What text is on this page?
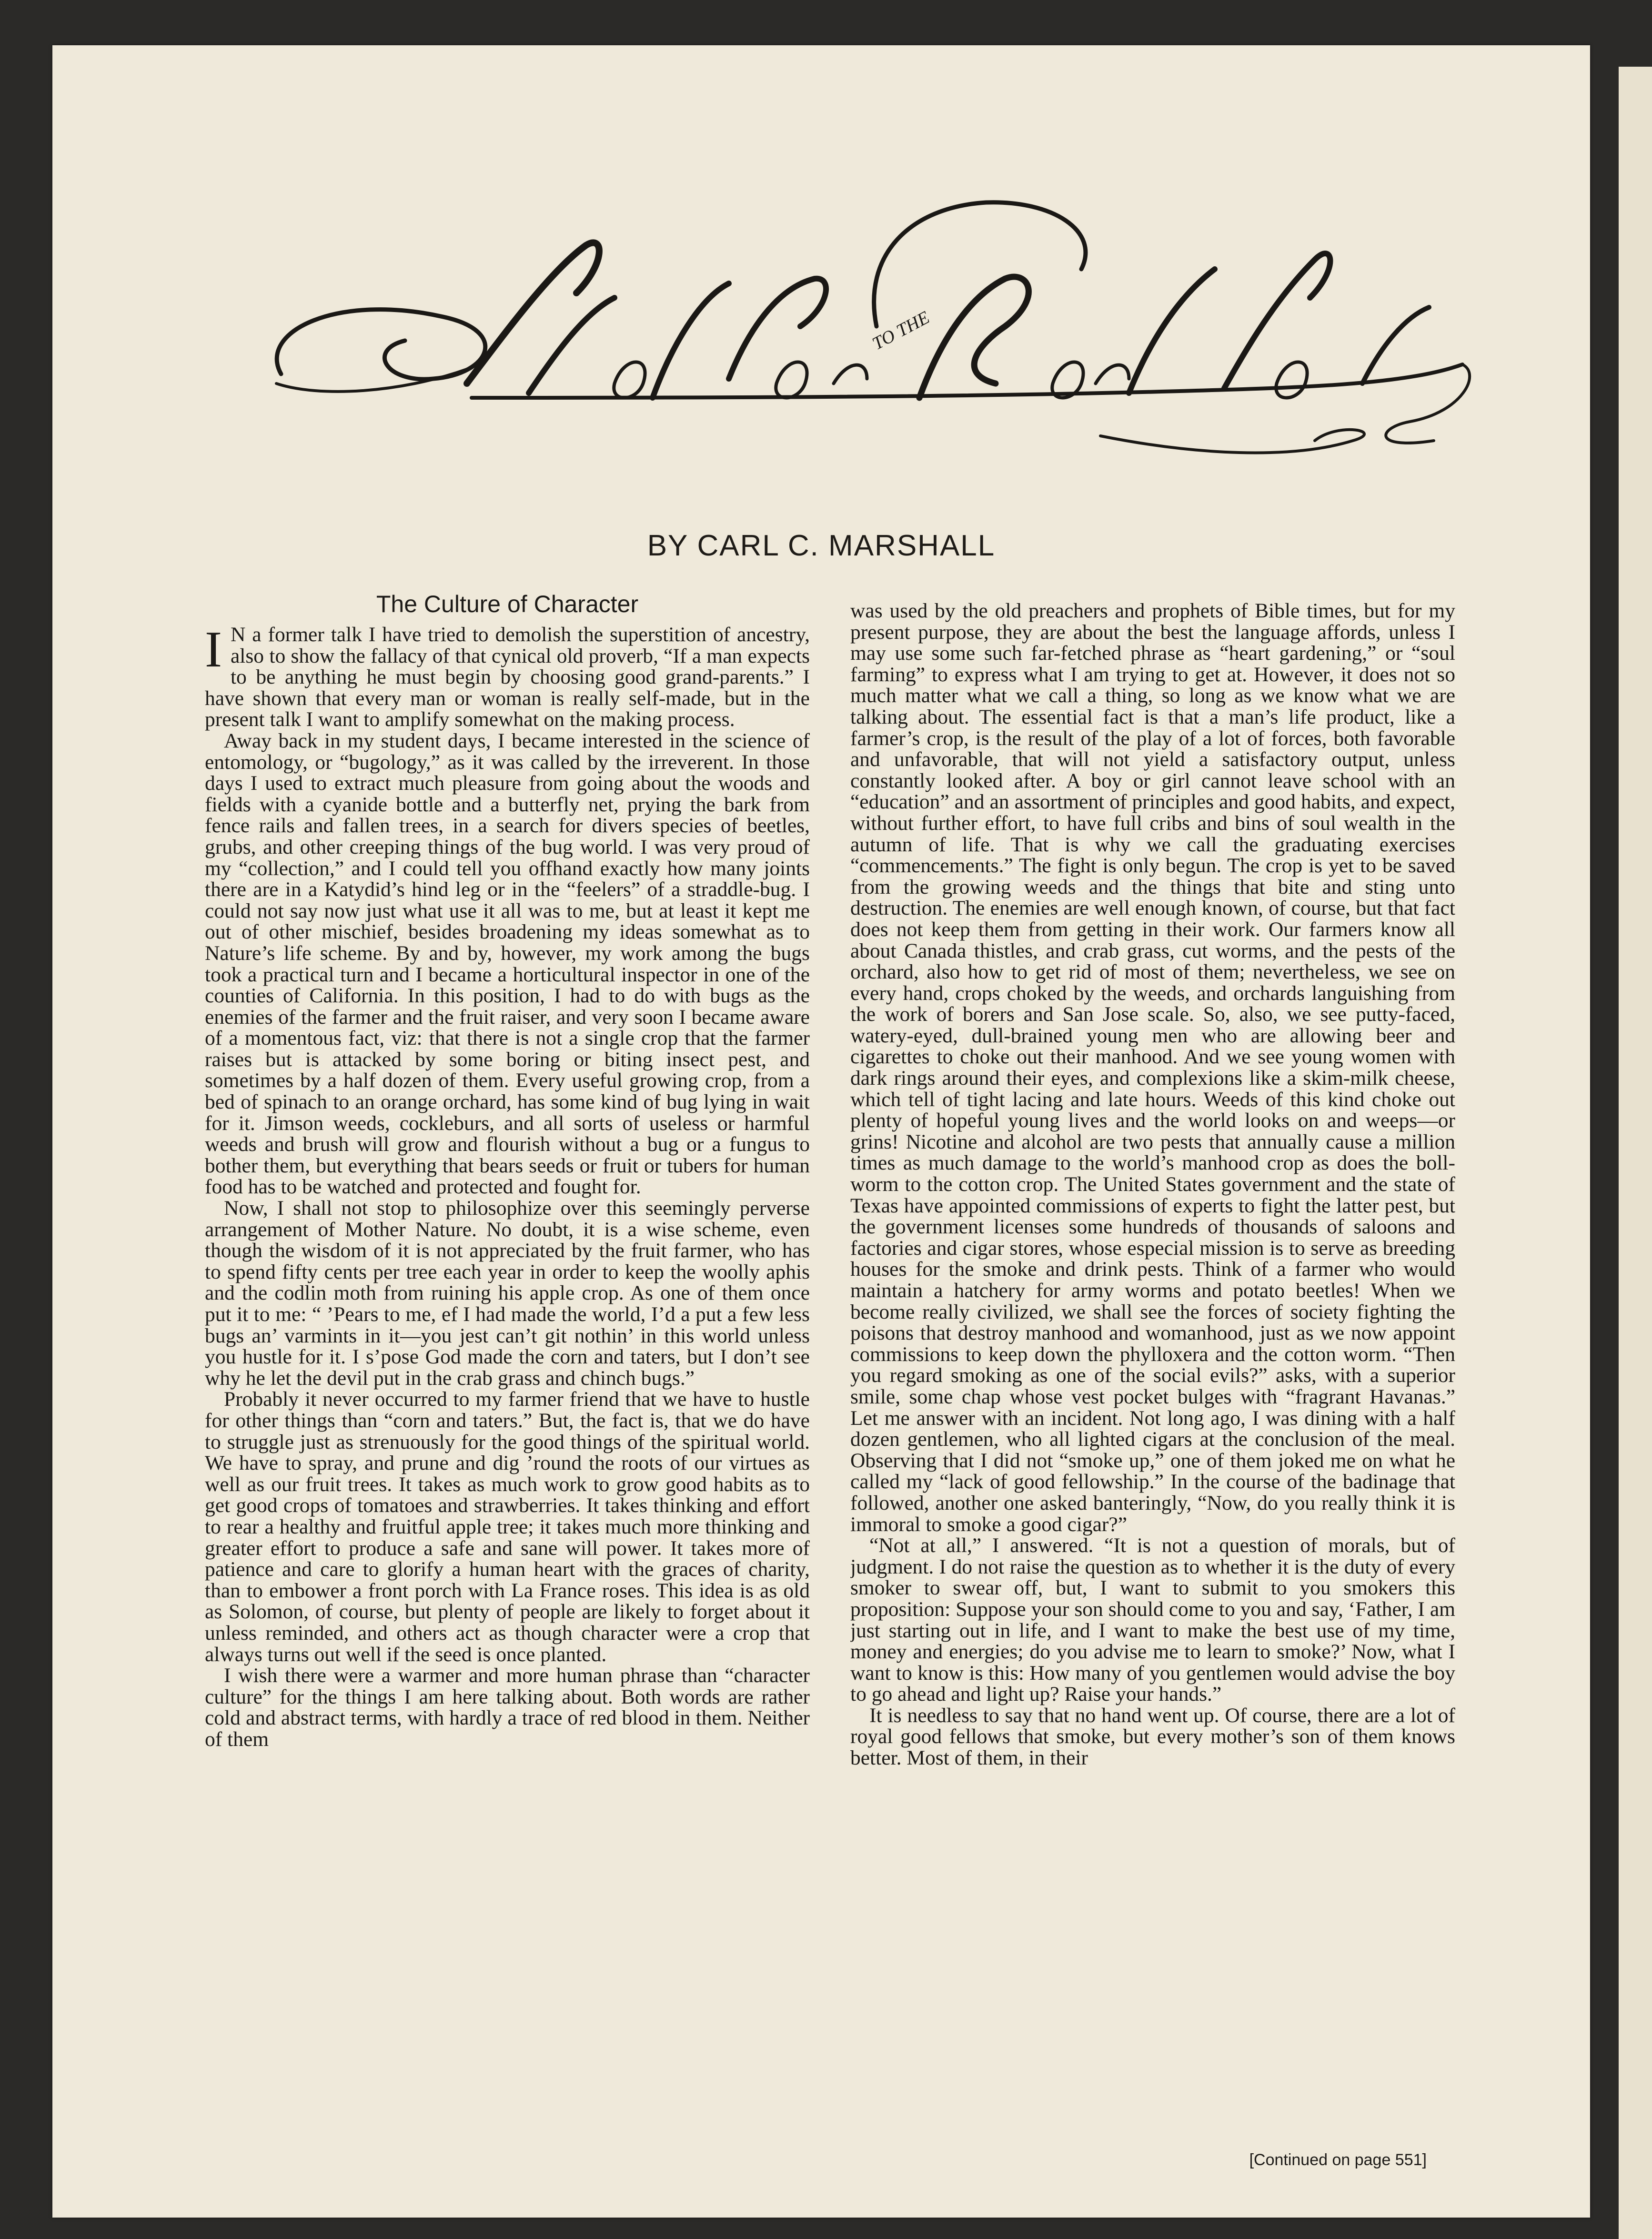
TO THE
BY CARL C. MARSHALL
The Culture of Character

I N a former talk I have tried to demolish the superstition of ancestry, also to show the fallacy of that cynical old proverb, “If a man expects to be anything he must begin by choosing good grand-parents.” I have shown that every man or woman is really self-made, but in the present talk I want to amplify somewhat on the making process.

Away back in my student days, I became interested in the science of entomology, or “bugology,” as it was called by the irreverent. In those days I used to extract much pleasure from going about the woods and fields with a cyanide bottle and a butterfly net, prying the bark from fence rails and fallen trees, in a search for divers species of beetles, grubs, and other creeping things of the bug world. I was very proud of my “collection,” and I could tell you offhand exactly how many joints there are in a Katydid’s hind leg or in the “feelers” of a straddle-bug. I could not say now just what use it all was to me, but at least it kept me out of other mischief, besides broadening my ideas somewhat as to Nature’s life scheme. By and by, however, my work among the bugs took a practical turn and I became a horticultural inspector in one of the counties of California. In this position, I had to do with bugs as the enemies of the farmer and the fruit raiser, and very soon I became aware of a momentous fact, viz: that there is not a single crop that the farmer raises but is attacked by some boring or biting insect pest, and sometimes by a half dozen of them. Every useful growing crop, from a bed of spinach to an orange orchard, has some kind of bug lying in wait for it. Jimson weeds, cockleburs, and all sorts of useless or harmful weeds and brush will grow and flourish without a bug or a fungus to bother them, but everything that bears seeds or fruit or tubers for human food has to be watched and protected and fought for.

Now, I shall not stop to philosophize over this seemingly perverse arrangement of Mother Nature. No doubt, it is a wise scheme, even though the wisdom of it is not appreciated by the fruit farmer, who has to spend fifty cents per tree each year in order to keep the woolly aphis and the codlin moth from ruining his apple crop. As one of them once put it to me: “ ’Pears to me, ef I had made the world, I’d a put a few less bugs an’ varmints in it—you jest can’t git nothin’ in this world unless you hustle for it. I s’pose God made the corn and taters, but I don’t see why he let the devil put in the crab grass and chinch bugs.”

Probably it never occurred to my farmer friend that we have to hustle for other things than “corn and taters.” But, the fact is, that we do have to struggle just as strenuously for the good things of the spiritual world. We have to spray, and prune and dig ’round the roots of our virtues as well as our fruit trees. It takes as much work to grow good habits as to get good crops of tomatoes and strawberries. It takes thinking and effort to rear a healthy and fruitful apple tree; it takes much more thinking and greater effort to produce a safe and sane will power. It takes more of patience and care to glorify a human heart with the graces of charity, than to embower a front porch with La France roses. This idea is as old as Solomon, of course, but plenty of people are likely to forget about it unless reminded, and others act as though character were a crop that always turns out well if the seed is once planted.

I wish there were a warmer and more human phrase than “character culture” for the things I am here talking about. Both words are rather cold and abstract terms, with hardly a trace of red blood in them. Neither of them

was used by the old preachers and prophets of Bible times, but for my present purpose, they are about the best the language affords, unless I may use some such far-fetched phrase as “heart gardening,” or “soul farming” to express what I am trying to get at. However, it does not so much matter what we call a thing, so long as we know what we are talking about. The essential fact is that a man’s life product, like a farmer’s crop, is the result of the play of a lot of forces, both favorable and unfavorable, that will not yield a satisfactory output, unless constantly looked after. A boy or girl cannot leave school with an “education” and an assortment of principles and good habits, and expect, without further effort, to have full cribs and bins of soul wealth in the autumn of life. That is why we call the graduating exercises “commencements.” The fight is only begun. The crop is yet to be saved from the growing weeds and the things that bite and sting unto destruction. The enemies are well enough known, of course, but that fact does not keep them from getting in their work. Our farmers know all about Canada thistles, and crab grass, cut worms, and the pests of the orchard, also how to get rid of most of them; nevertheless, we see on every hand, crops choked by the weeds, and orchards languishing from the work of borers and San Jose scale. So, also, we see putty-faced, watery-eyed, dull-brained young men who are allowing beer and cigarettes to choke out their manhood. And we see young women with dark rings around their eyes, and complexions like a skim-milk cheese, which tell of tight lacing and late hours. Weeds of this kind choke out plenty of hopeful young lives and the world looks on and weeps—or grins! Nicotine and alcohol are two pests that annually cause a million times as much damage to the world’s manhood crop as does the boll-worm to the cotton crop. The United States government and the state of Texas have appointed commissions of experts to fight the latter pest, but the government licenses some hundreds of thousands of saloons and factories and cigar stores, whose especial mission is to serve as breeding houses for the smoke and drink pests. Think of a farmer who would maintain a hatchery for army worms and potato beetles! When we become really civilized, we shall see the forces of society fighting the poisons that destroy manhood and womanhood, just as we now appoint commissions to keep down the phylloxera and the cotton worm. “Then you regard smoking as one of the social evils?” asks, with a superior smile, some chap whose vest pocket bulges with “fragrant Havanas.” Let me answer with an incident. Not long ago, I was dining with a half dozen gentlemen, who all lighted cigars at the conclusion of the meal. Observing that I did not “smoke up,” one of them joked me on what he called my “lack of good fellowship.” In the course of the badinage that followed, another one asked banteringly, “Now, do you really think it is immoral to smoke a good cigar?”

“Not at all,” I answered. “It is not a question of morals, but of judgment. I do not raise the question as to whether it is the duty of every smoker to swear off, but, I want to submit to you smokers this proposition: Suppose your son should come to you and say, ‘Father, I am just starting out in life, and I want to make the best use of my time, money and energies; do you advise me to learn to smoke?’ Now, what I want to know is this: How many of you gentlemen would advise the boy to go ahead and light up? Raise your hands.”

It is needless to say that no hand went up. Of course, there are a lot of royal good fellows that smoke, but every mother’s son of them knows better. Most of them, in their

[Continued on page 551]
